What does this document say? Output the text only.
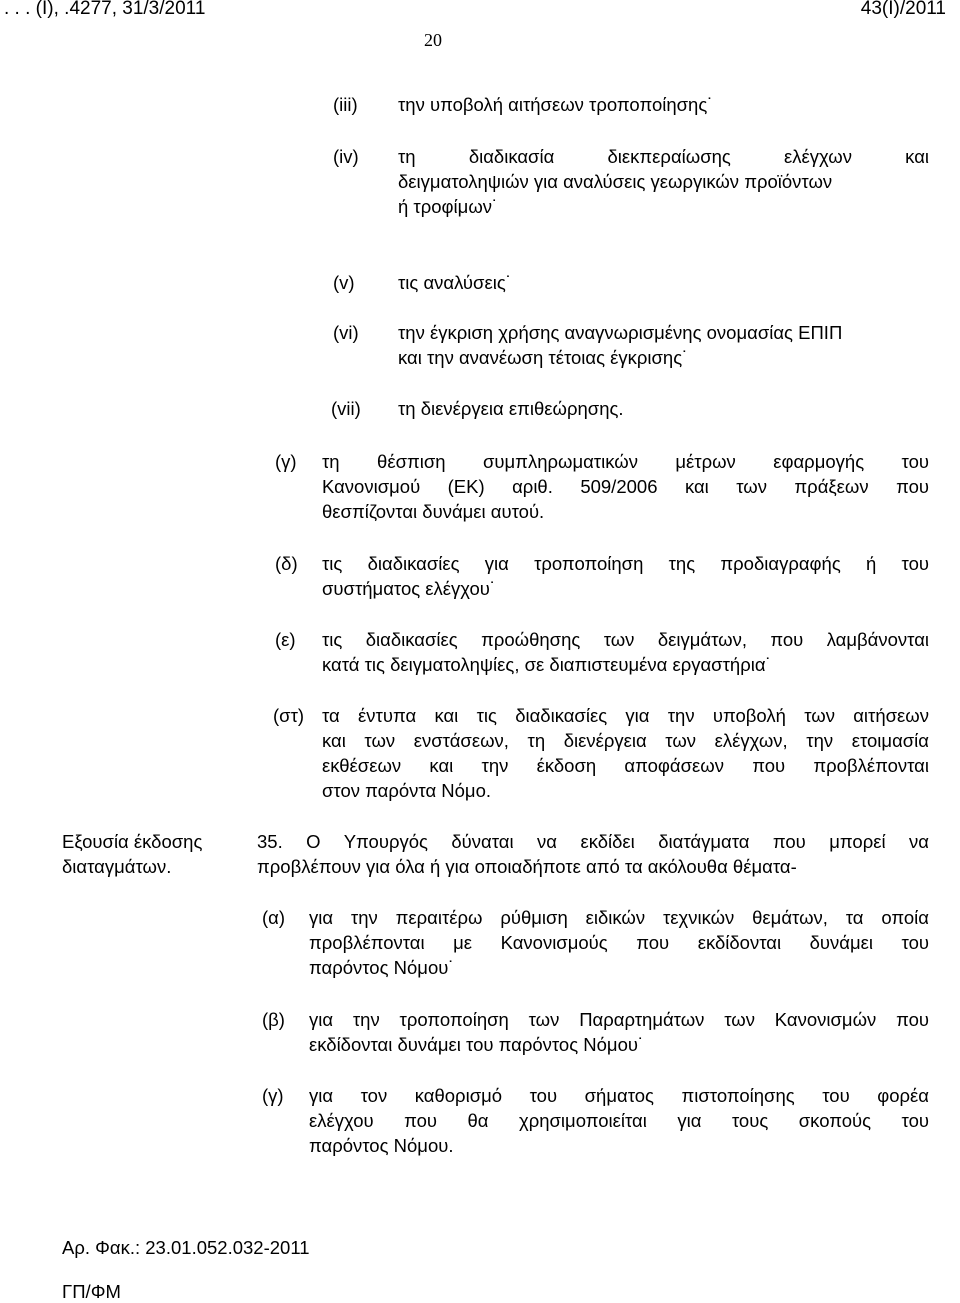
. . . (Ι), .4277, 31/3/2011	43(Ι)/2011
20
(iii) την υποβολή αιτήσεων τροποποίησης˙
(iv) τη διαδικασία διεκπεραίωσης ελέγχων και
δειγματοληψιών για αναλύσεις γεωργικών προϊόντων
ή τροφίμων˙
(v) τις αναλύσεις˙
(vi) την έγκριση χρήσης αναγνωρισμένης ονομασίας ΕΠΙΠ
και την ανανέωση τέτοιας έγκρισης˙
(vii) τη διενέργεια επιθεώρησης.
(γ) τη θέσπιση συμπληρωματικών μέτρων εφαρμογής του
Κανονισμού (ΕΚ) αριθ. 509/2006 και των πράξεων που
θεσπίζονται δυνάμει αυτού.
(δ) τις διαδικασίες για τροποποίηση της προδιαγραφής ή του
συστήματος ελέγχου˙
(ε) τις διαδικασίες προώθησης των δειγμάτων, που λαμβάνονται
κατά τις δειγματοληψίες, σε διαπιστευμένα εργαστήρια˙
(στ) τα έντυπα και τις διαδικασίες για την υποβολή των αιτήσεων
και των ενστάσεων, τη διενέργεια των ελέγχων, την ετοιμασία
εκθέσεων και την έκδοση αποφάσεων που προβλέπονται
στον παρόντα Νόμο.
Εξουσία έκδοσης
διαταγμάτων.
35. Ο Υπουργός δύναται να εκδίδει διατάγματα που μπορεί να
προβλέπουν για όλα ή για οποιαδήποτε από τα ακόλουθα θέματα-
(α) για την περαιτέρω ρύθμιση ειδικών τεχνικών θεμάτων, τα οποία
προβλέπονται με Κανονισμούς που εκδίδονται δυνάμει του
παρόντος Νόμου˙
(β) για την τροποποίηση των Παραρτημάτων των Κανονισμών που
εκδίδονται δυνάμει του παρόντος Νόμου˙
(γ) για τον καθορισμό του σήματος πιστοποίησης του φορέα
ελέγχου που θα χρησιμοποιείται για τους σκοπούς του
παρόντος Νόμου.
Αρ. Φακ.: 23.01.052.032-2011
ΓΠ/ΦΜ
